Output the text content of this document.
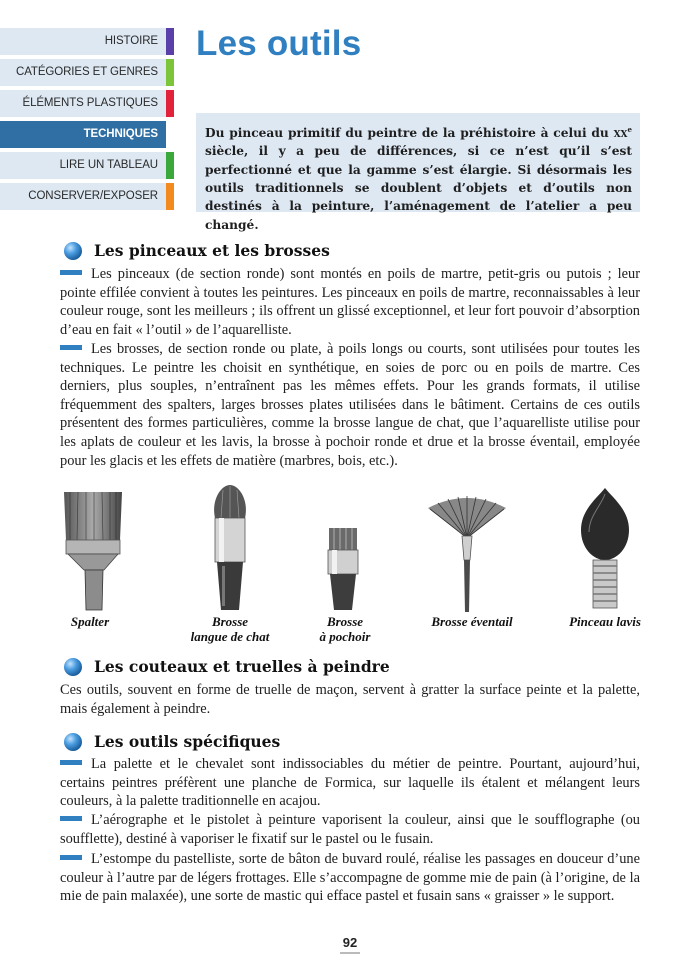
HISTOIRE
CATÉGORIES ET GENRES
ÉLÉMENTS PLASTIQUES
TECHNIQUES
LIRE UN TABLEAU
CONSERVER/EXPOSER
Les outils
Du pinceau primitif du peintre de la préhistoire à celui du $xx^e$ siècle, il y a peu de différences, si ce n’est qu’il s’est perfectionné et que la gamme s’est élargie. Si désormais les outils traditionnels se doublent d’objets et d’outils non destinés à la peinture, l’aménagement de l’atelier a peu changé.
Les pinceaux et les brosses

Les pinceaux (de section ronde) sont montés en poils de martre, petit-gris ou putois ; leur pointe effilée convient à toutes les peintures. Les pinceaux en poils de martre, reconnaissables à leur couleur rouge, sont les meilleurs ; ils offrent un glissé exceptionnel, et leur fort pouvoir d’absorption d’eau en fait « l’outil » de l’aquarelliste.

Les brosses, de section ronde ou plate, à poils longs ou courts, sont utilisées pour toutes les techniques. Le peintre les choisit en synthétique, en soies de porc ou en poils de martre. Ces derniers, plus souples, n’entraînent pas les mêmes effets. Pour les grands formats, il utilise fréquemment des spalters, larges brosses plates utilisées dans le bâtiment. Certains de ces outils présentent des formes particulières, comme la brosse langue de chat, que l’aquarelliste utilise pour les aplats de couleur et les lavis, la brosse à pochoir ronde et drue et la brosse éventail, employée pour les glacis et les effets de matière (marbres, bois, etc.).

Spalter	Brosse
langue de chat
Brosse
à pochoir
Brosse éventail	Pinceau lavis
Les couteaux et truelles à peindre

Ces outils, souvent en forme de truelle de maçon, servent à gratter la surface peinte et la palette, mais également à peindre.

Les outils spécifiques

La palette et le chevalet sont indissociables du métier de peintre. Pourtant, aujourd’hui, certains peintres préfèrent une planche de Formica, sur laquelle ils étalent et mélangent leurs couleurs, à la palette traditionnelle en acajou.

L’aérographe et le pistolet à peinture vaporisent la couleur, ainsi que le soufflographe (ou soufflette), destiné à vaporiser le fixatif sur le pastel ou le fusain.

L’estompe du pastelliste, sorte de bâton de buvard roulé, réalise les passages en douceur d’une couleur à l’autre par de légers frottages. Elle s’accompagne de gomme mie de pain (à l’origine, de la mie de pain malaxée), une sorte de mastic qui efface pastel et fusain sans « graisser » le support.

92
